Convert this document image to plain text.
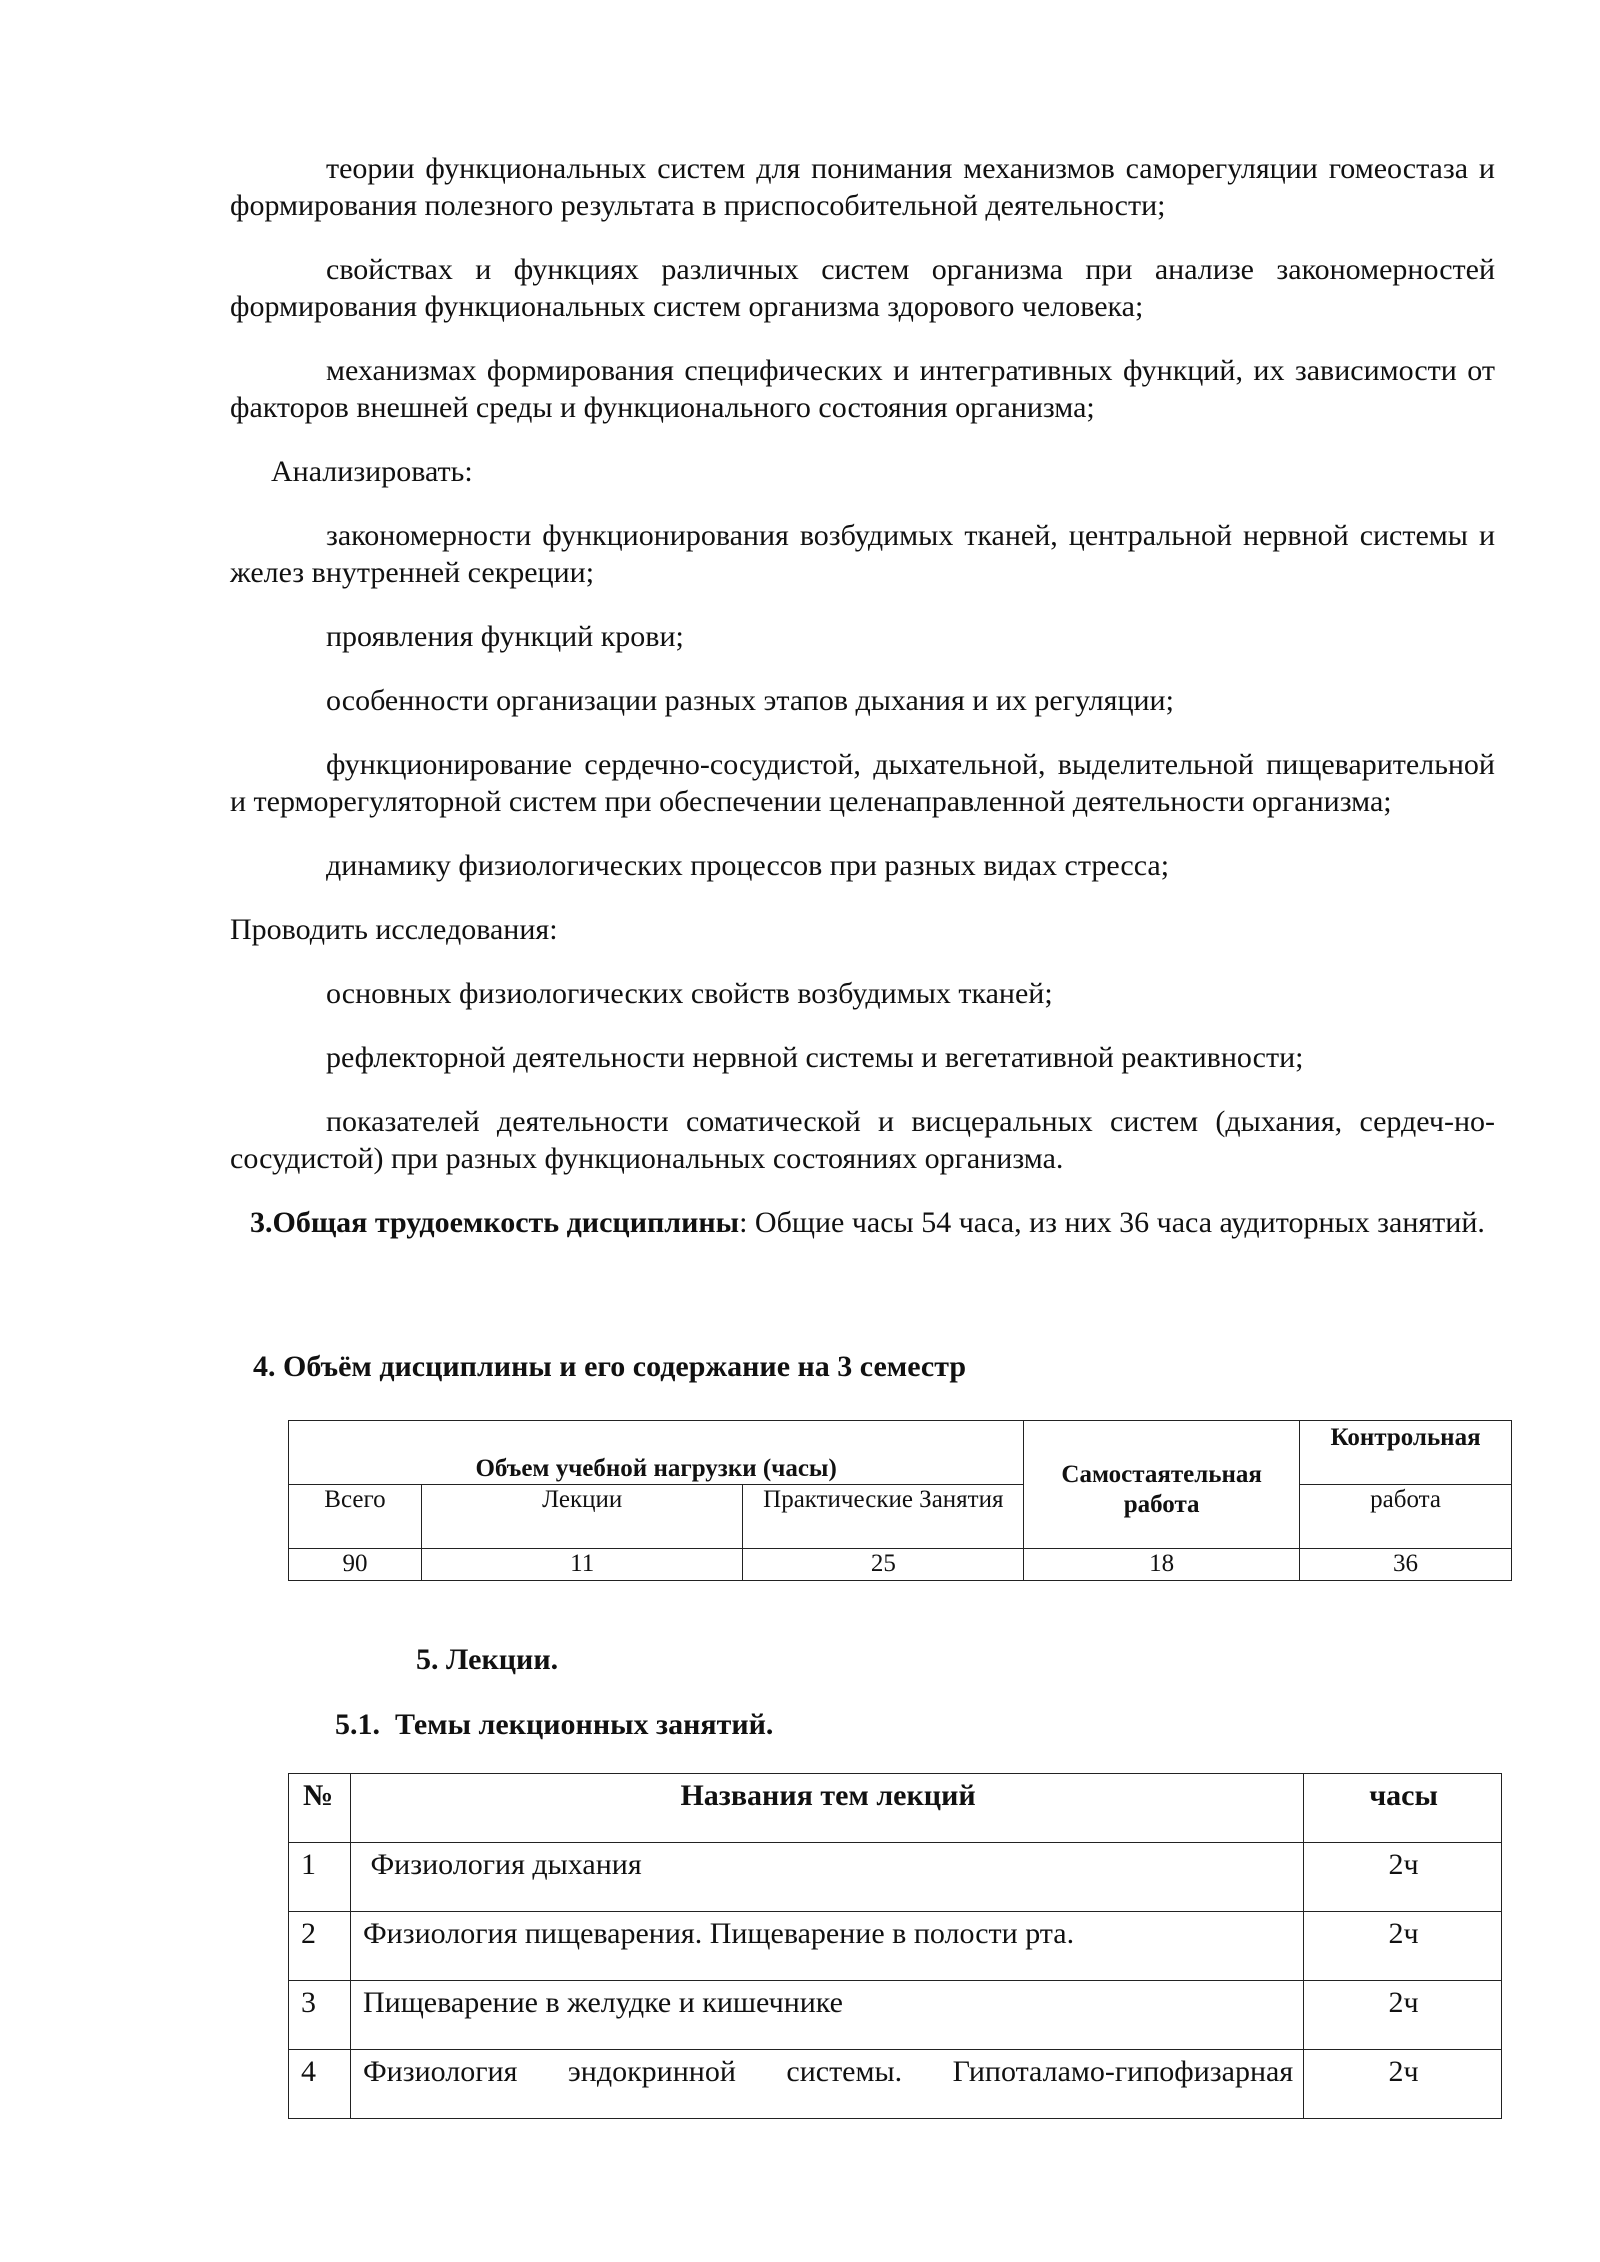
теории функциональных систем для понимания механизмов саморегуляции гомеостаза и формирования полезного результата в приспособительной деятельности;

свойствах и функциях различных систем организма при анализе закономерностей формирования функциональных систем организма здорового человека;

механизмах формирования специфических и интегративных функций, их зависимости от факторов внешней среды и функционального состояния организма;

Анализировать:

закономерности функционирования возбудимых тканей, центральной нервной системы и желез внутренней секреции;

проявления функций крови;

особенности организации разных этапов дыхания и их регуляции;

функционирование сердечно-сосудистой, дыхательной, выделительной пищеварительной и терморегуляторной систем при обеспечении целенаправленной деятельности организма;

динамику физиологических процессов при разных видах стресса;

Проводить исследования:

основных физиологических свойств возбудимых тканей;

рефлекторной деятельности нервной системы и вегетативной реактивности;

показателей деятельности соматической и висцеральных систем (дыхания, сердеч-но-сосудистой) при разных функциональных состояниях организма.

3.Общая трудоемкость дисциплины: Общие часы 54 часа, из них 36 часа аудиторных занятий.

4. Объём дисциплины и его содержание на 3 семестр
Объем учебной нагрузки (часы)			Самостаятельная работа	Контрольная
Всего	Лекции	Практические Занятия		работа
90	11	25	18	36
5. Лекции.
5.1.  Темы лекционных занятий.
№	Названия тем лекций	часы
1	Физиология дыхания	2ч
2	Физиология пищеварения. Пищеварение в полости рта.	2ч
3	Пищеварение в желудке и кишечнике	2ч
4	Физиология эндокринной системы. Гипоталамо-гипофизарная	2ч
